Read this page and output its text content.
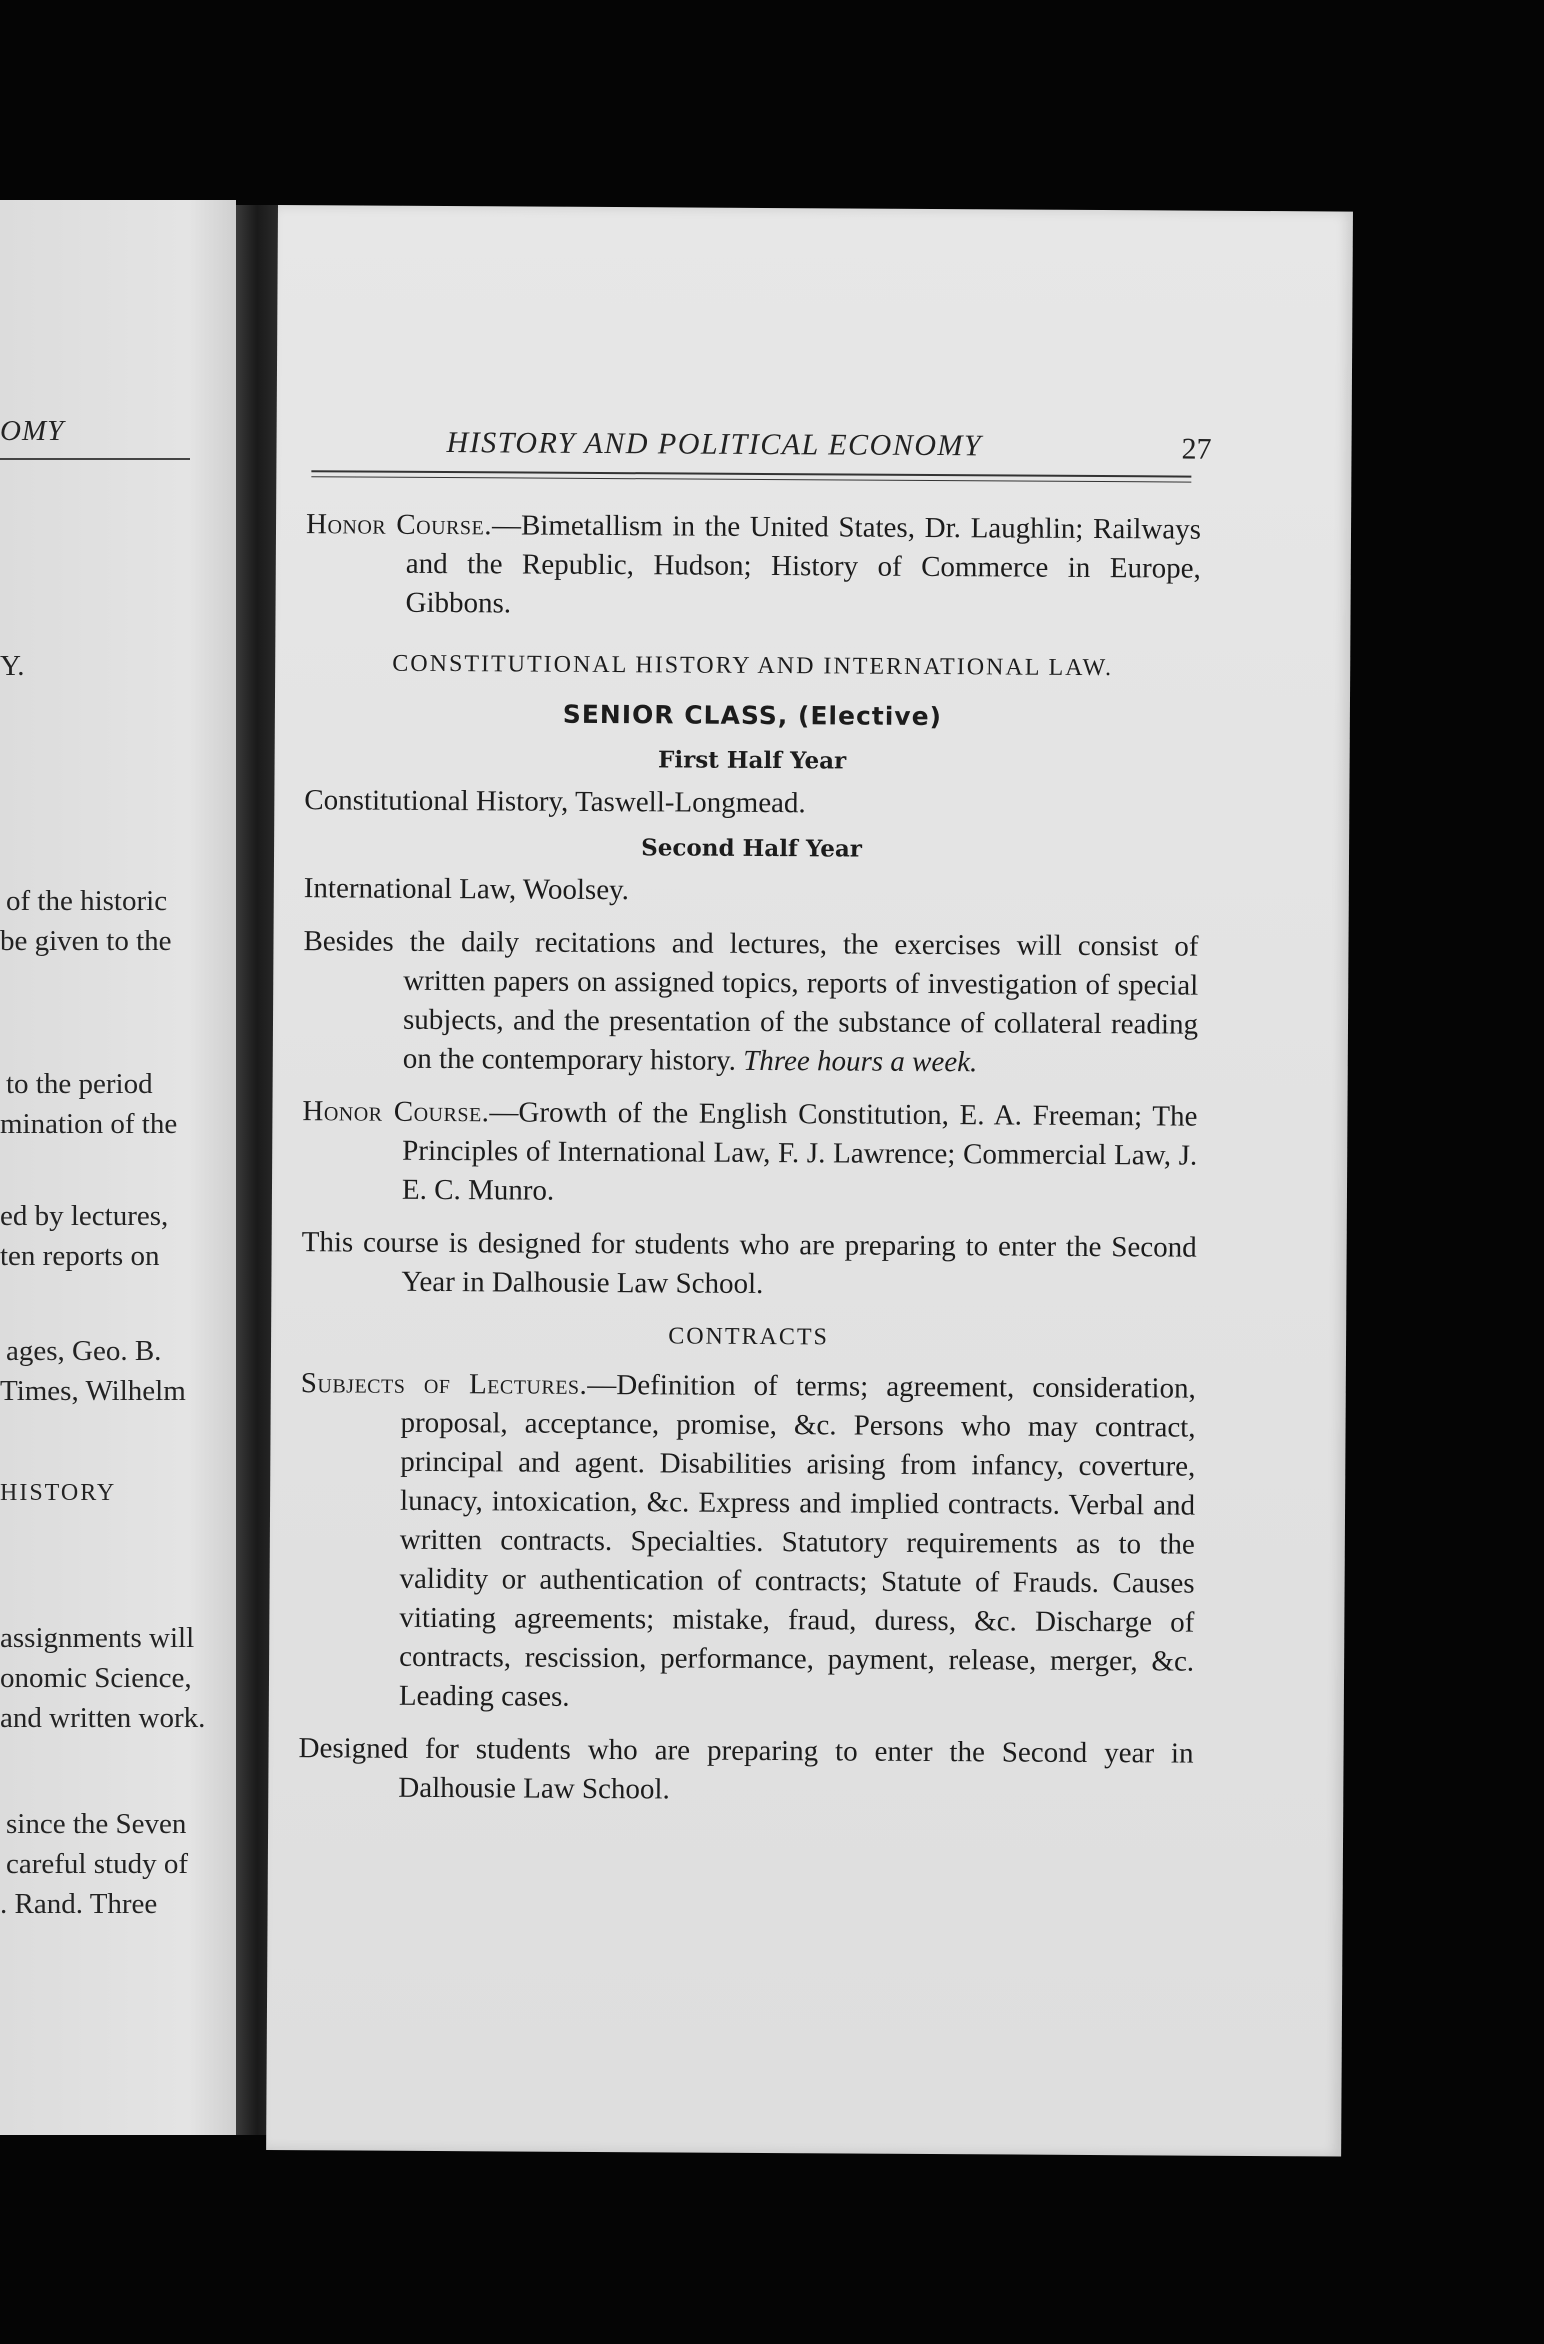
OMY
Y.
of the historic
be given to the
to the period
mination of the
ed by lectures,
ten reports on
ages, Geo. B.
Times, Wilhelm
HISTORY
assignments will
onomic Science,
and written work.
since the Seven
careful study of
. Rand. Three
HISTORY AND POLITICAL ECONOMY	27

Honor Course.—Bimetallism in the United States, Dr. Laughlin; Railways and the Republic, Hudson; History of Commerce in Europe, Gibbons.

CONSTITUTIONAL HISTORY AND INTERNATIONAL LAW.
SENIOR CLASS, (Elective)
First Half Year
Constitutional History, Taswell-Longmead.
Second Half Year
International Law, Woolsey.

Besides the daily recitations and lectures, the exercises will consist of written papers on assigned topics, reports of investigation of special subjects, and the presentation of the substance of collateral reading on the contemporary history. Three hours a week.

Honor Course.—Growth of the English Constitution, E. A. Freeman; The Principles of International Law, F. J. Lawrence; Commercial Law, J. E. C. Munro.

This course is designed for students who are preparing to enter the Second Year in Dalhousie Law School.

CONTRACTS

Subjects of Lectures.—Definition of terms; agreement, consideration, proposal, acceptance, promise, &c. Persons who may contract, principal and agent. Disabilities arising from infancy, coverture, lunacy, intoxication, &c. Express and implied contracts. Verbal and written contracts. Specialties. Statutory requirements as to the validity or authentication of contracts; Statute of Frauds. Causes vitiating agreements; mistake, fraud, duress, &c. Discharge of contracts, rescission, performance, payment, release, merger, &c. Leading cases.

Designed for students who are preparing to enter the Second year in Dalhousie Law School.
